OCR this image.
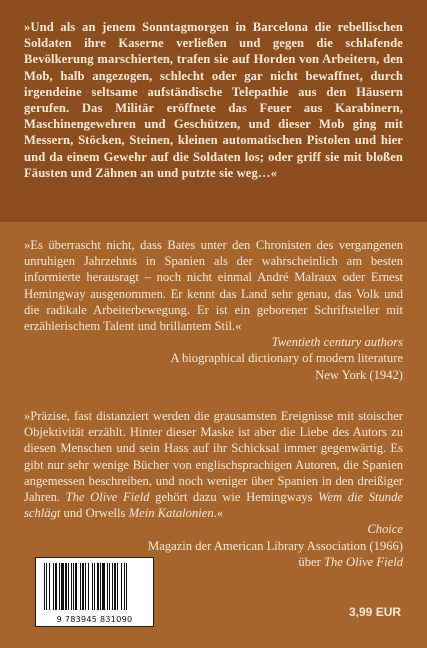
»Und als an jenem Sonntagmorgen in Barcelona die rebellischen Soldaten ihre Kaserne verließen und gegen die schlafende Bevölkerung marschierten, trafen sie auf Horden von Arbeitern, den Mob, halb angezogen, schlecht oder gar nicht bewaffnet, durch irgendeine seltsame aufständische Telepathie aus den Häusern gerufen. Das Militär eröffnete das Feuer aus Karabinern, Maschinengewehren und Geschützen, und dieser Mob ging mit Messern, Stöcken, Steinen, kleinen automatischen Pistolen und hier und da einem Gewehr auf die Soldaten los; oder griff sie mit bloßen Fäusten und Zähnen an und putzte sie weg…«

»Es überrascht nicht, dass Bates unter den Chronisten des vergangenen unruhigen Jahrzehnts in Spanien als der wahrscheinlich am besten informierte herausragt – noch nicht einmal André Malraux oder Ernest Hemingway ausgenommen. Er kennt das Land sehr genau, das Volk und die radikale Arbeiterbewegung. Er ist ein geborener Schriftsteller mit erzählerischem Talent und brillantem Stil.«

Twentieth century authors

A biographical dictionary of modern literature

New York (1942)

»Präzise, fast distanziert werden die grausamsten Ereignisse mit stoischer Objektivität erzählt. Hinter dieser Maske ist aber die Liebe des Autors zu diesen Menschen und sein Hass auf ihr Schicksal immer gegenwärtig. Es gibt nur sehr wenige Bücher von englischsprachigen Autoren, die Spanien angemessen beschreiben, und noch weniger über Spanien in den dreißiger Jahren. The Olive Field gehört dazu wie Hemingways Wem die Stunde schlägt und Orwells Mein Katalonien.«

Choice

Magazin der American Library Association (1966)

über The Olive Field

9 783945 831090
3,99 EUR
